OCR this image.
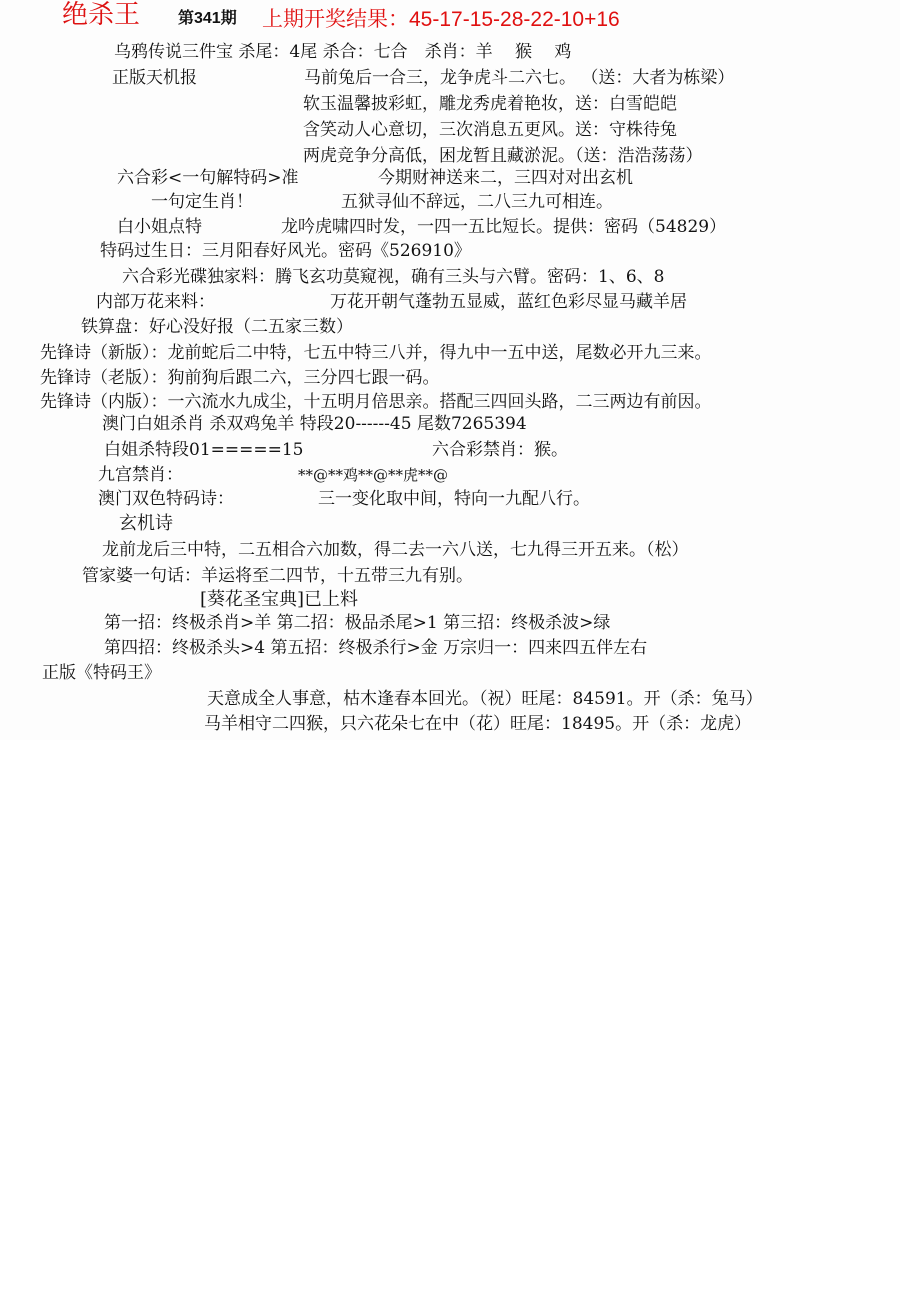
绝杀王 第341期 上期开奖结果：45-17-15-28-22-10+16
乌鸦传说三件宝 杀尾：4尾 杀合：七合　杀肖：羊　 猴　 鸡
正版天机报	马前兔后一合三，龙争虎斗二六七。 （送：大者为栋梁）
软玉温馨披彩虹，雕龙秀虎着艳妆，送：白雪皑皑
含笑动人心意切，三次消息五更风。送：守株待兔
两虎竞争分高低，困龙暂且藏淤泥。（送：浩浩荡荡）
六合彩<一句解特码>准	今期财神送来二，三四对对出玄机
一句定生肖！	五狱寻仙不辞远，二八三九可相连。
白小姐点特	龙吟虎啸四时发，一四一五比短长。提供：密码（54829）
特码过生日：三月阳春好风光。密码《526910》
六合彩光碟独家料：腾飞玄功莫窥视，确有三头与六臂。密码：1、6、8
内部万花来料：	万花开朝气蓬勃五显威，蓝红色彩尽显马藏羊居
铁算盘：好心没好报（二五家三数）
先锋诗（新版）：龙前蛇后二中特，七五中特三八并，得九中一五中送，尾数必开九三来。
先锋诗（老版）：狗前狗后跟二六，三分四七跟一码。
先锋诗（内版）：一六流水九成尘，十五明月倍思亲。搭配三四回头路，二三两边有前因。
澳门白姐杀肖 杀双鸡兔羊 特段20------45 尾数7265394
白姐杀特段01=====15	六合彩禁肖：猴。
九宫禁肖：	**@**鸡**@**虎**@
澳门双色特码诗：	三一变化取中间，特向一九配八行。
玄机诗
龙前龙后三中特，二五相合六加数，得二去一六八送，七九得三开五来。（松）
管家婆一句话：羊运将至二四节，十五带三九有别。
[葵花圣宝典]已上料
第一招：终极杀肖>羊 第二招：极品杀尾>1 第三招：终极杀波>绿
第四招：终极杀头>4 第五招：终极杀行>金 万宗归一：四来四五伴左右
正版《特码王》
天意成全人事意，枯木逢春本回光。（祝）旺尾：84591。开（杀：兔马）
马羊相守二四猴，只六花朵七在中（花）旺尾：18495。开（杀：龙虎）
